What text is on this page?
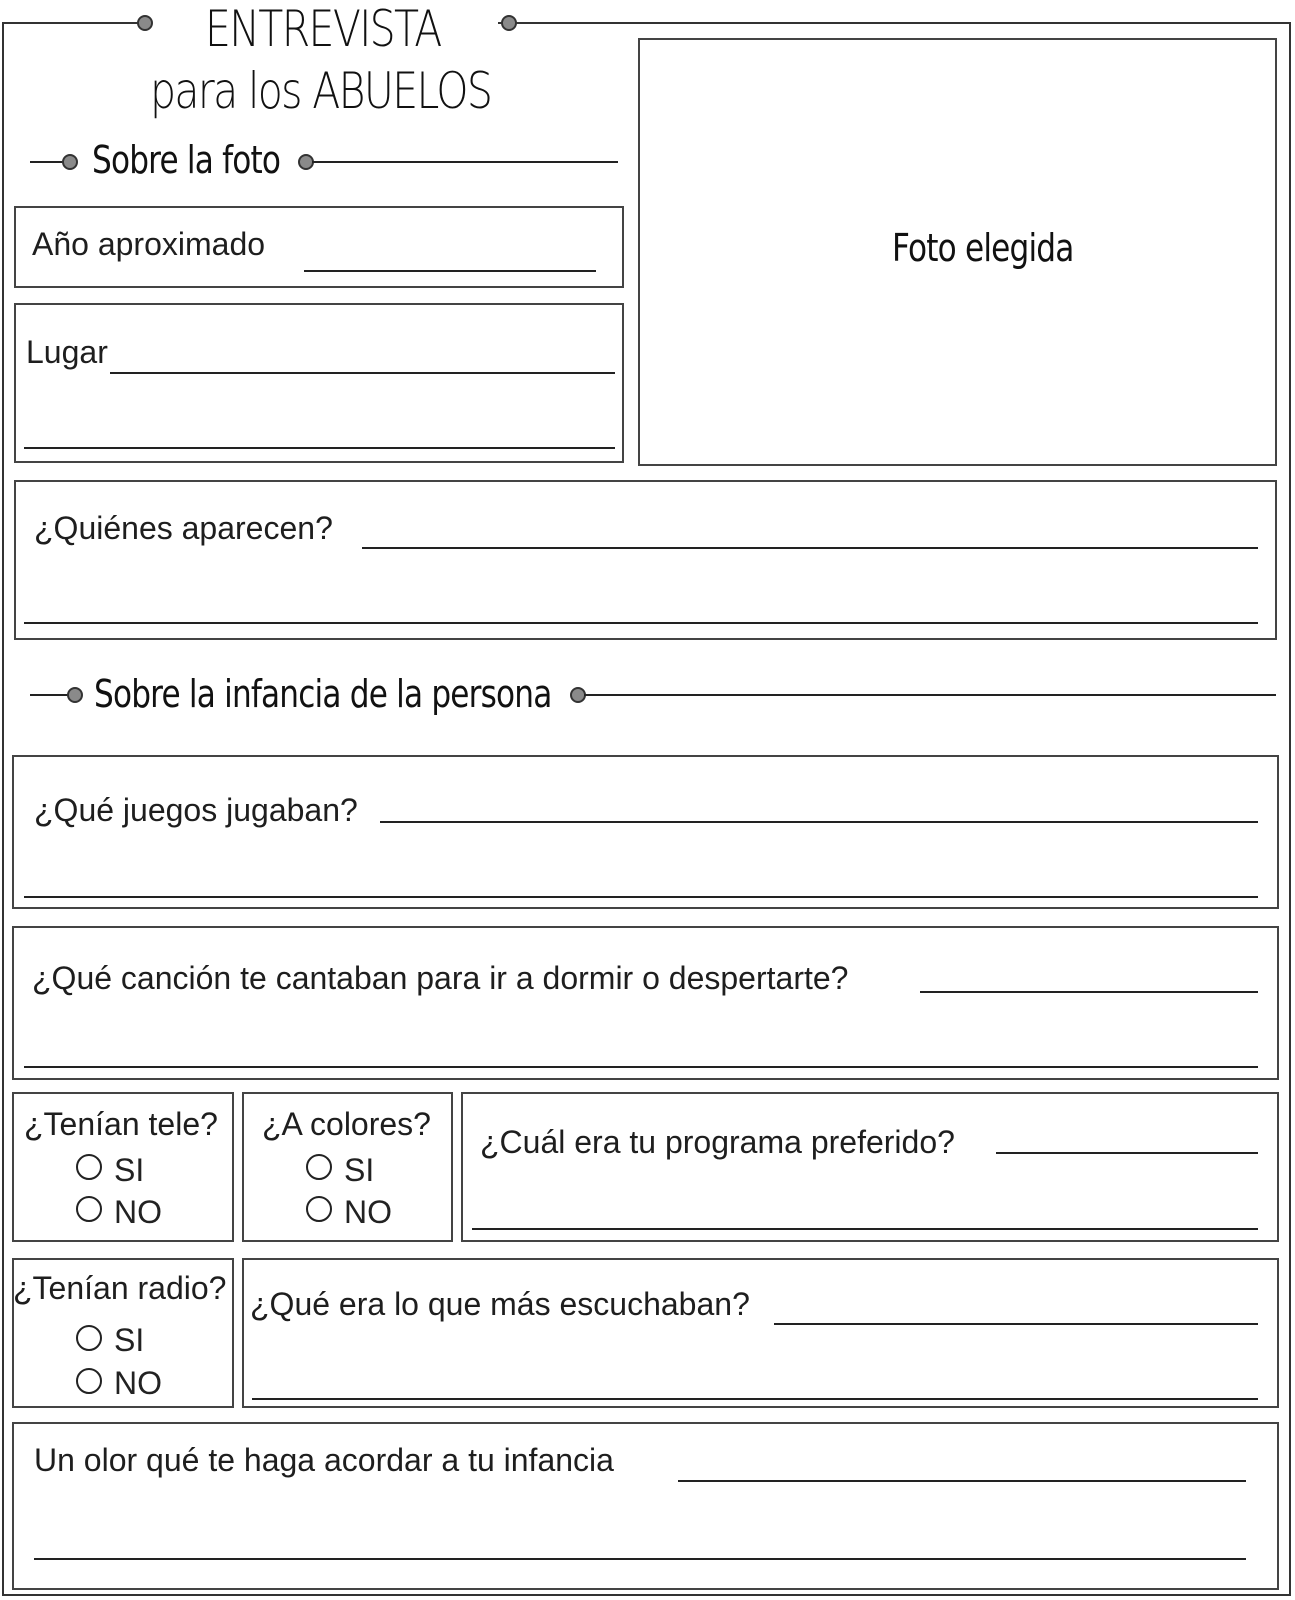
ENTREVISTA
para los ABUELOS
Sobre la foto
Año aproximado
Lugar
Foto elegida
¿Quiénes aparecen?
Sobre la infancia de la persona
¿Qué juegos jugaban?
¿Qué canción te cantaban para ir a dormir o despertarte?
¿Tenían tele?
SI
NO
¿A colores?
SI
NO
¿Cuál era tu programa preferido?
¿Tenían radio?
SI
NO
¿Qué era lo que más escuchaban?
Un olor qué te haga acordar a tu infancia
